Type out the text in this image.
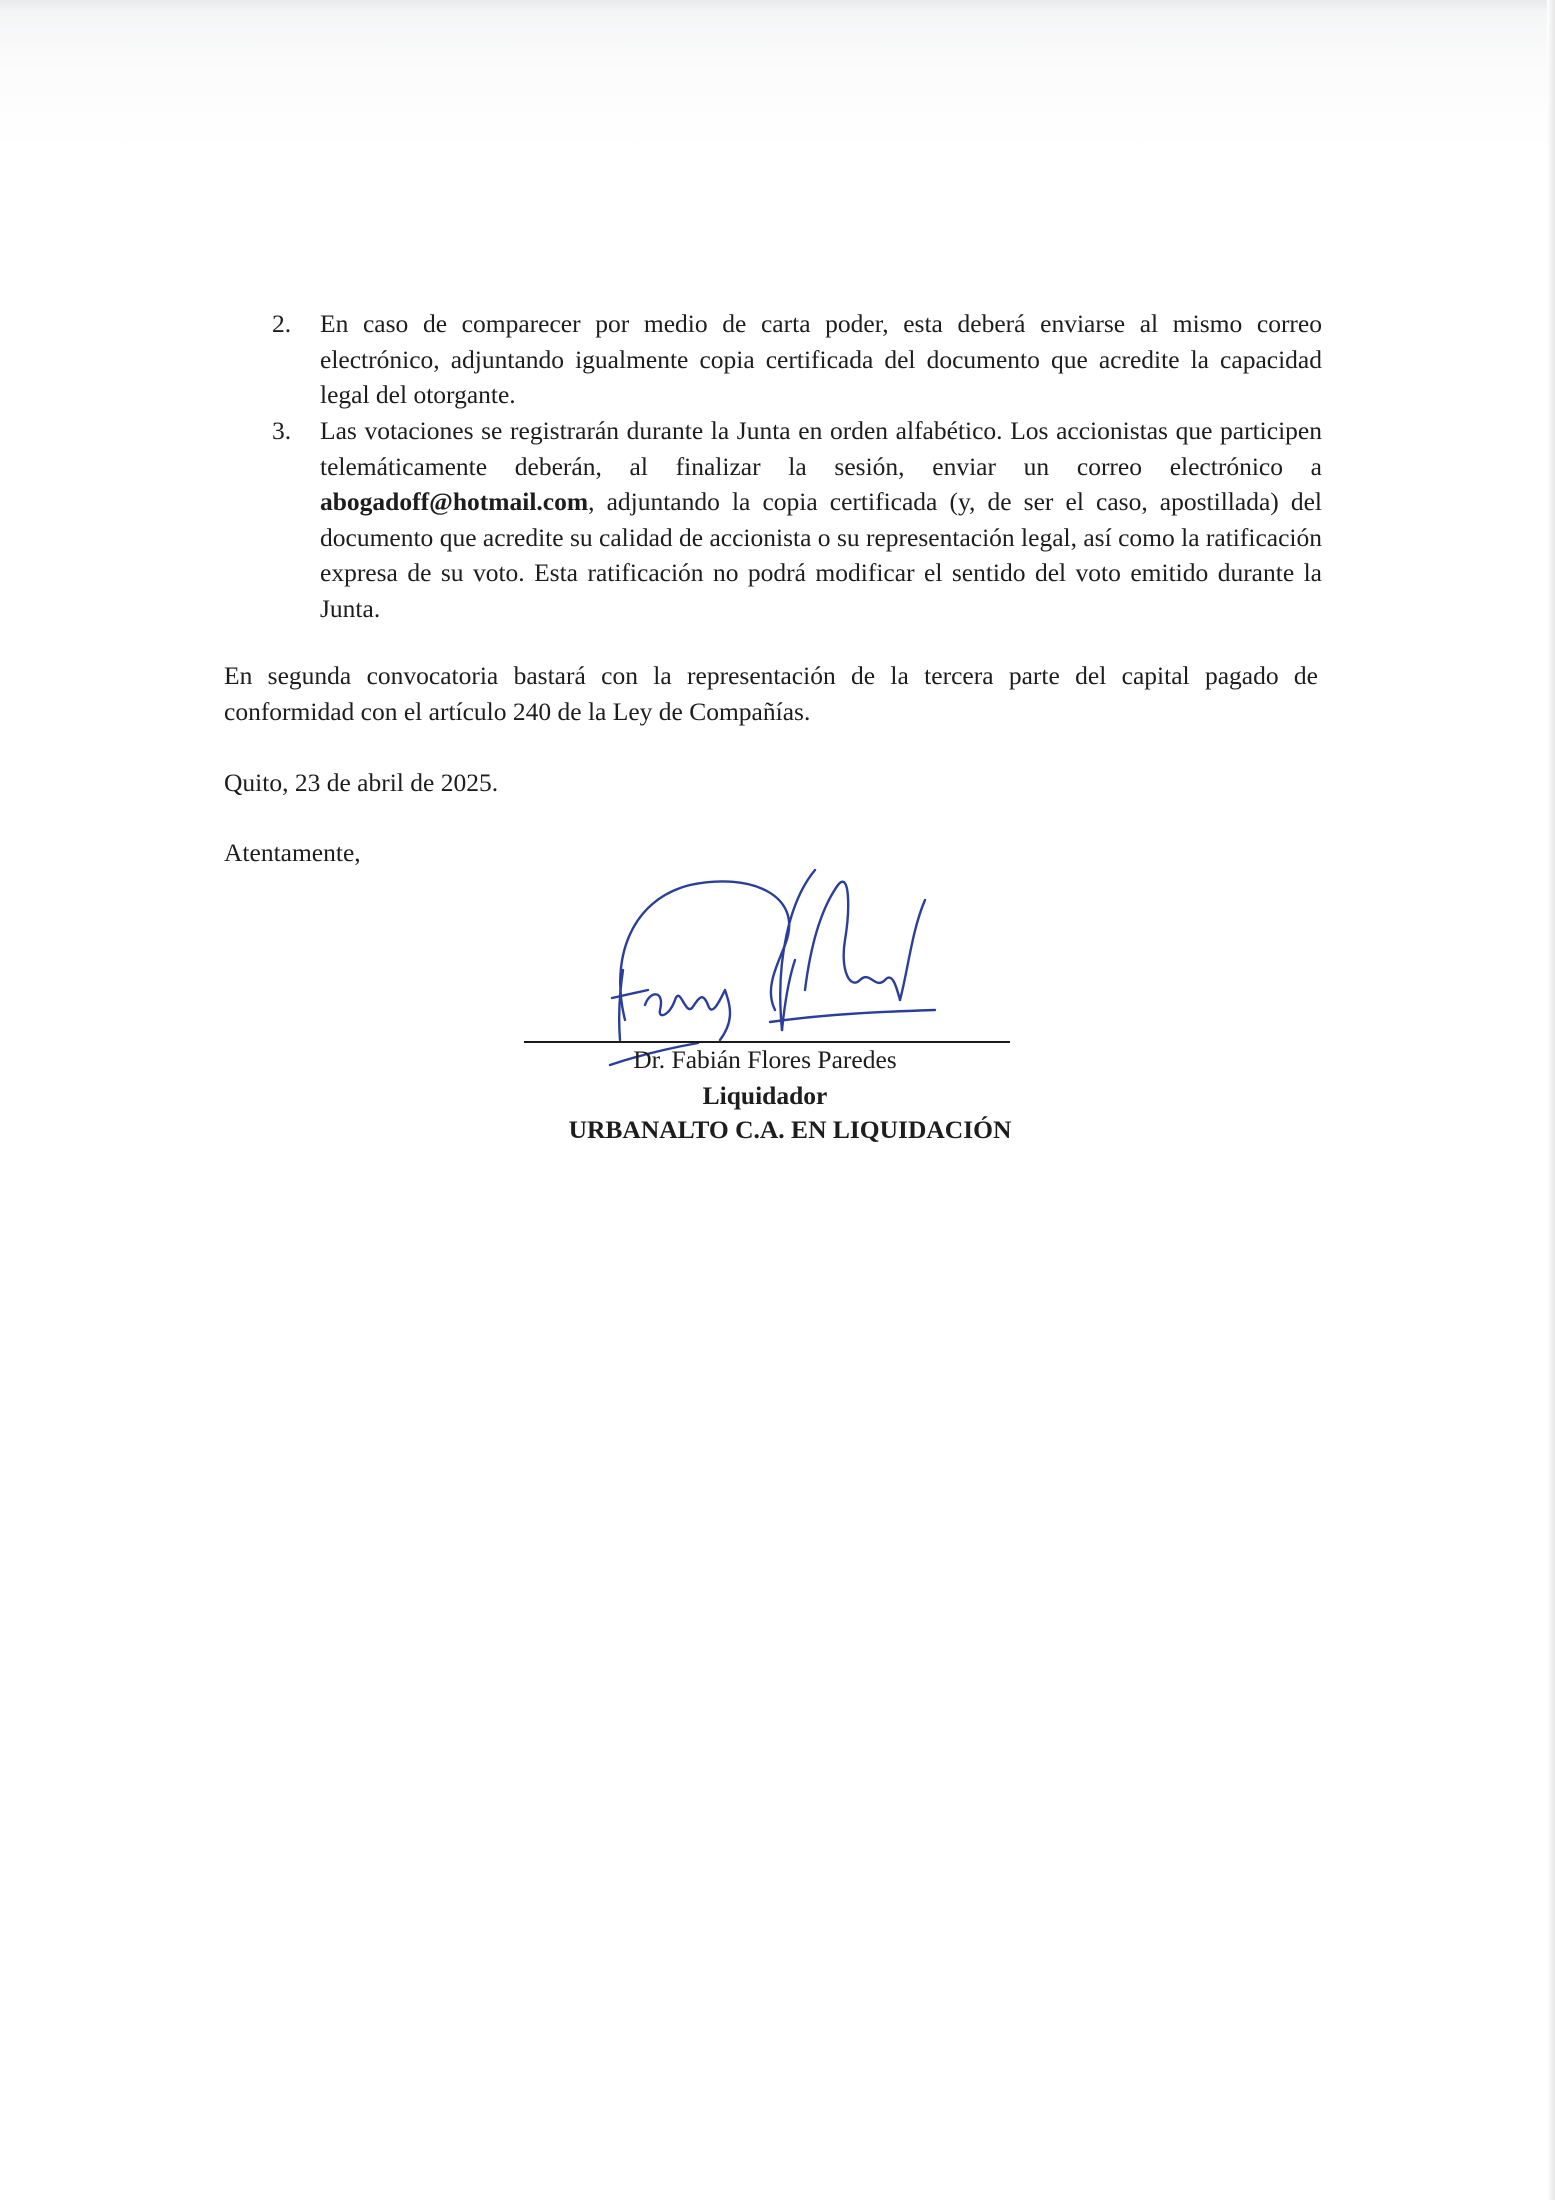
2. En caso de comparecer por medio de carta poder, esta deberá enviarse al mismo correo electrónico, adjuntando igualmente copia certificada del documento que acredite la capacidad legal del otorgante.
3. Las votaciones se registrarán durante la Junta en orden alfabético. Los accionistas que participen telemáticamente deberán, al finalizar la sesión, enviar un correo electrónico a abogadoff@hotmail.com, adjuntando la copia certificada (y, de ser el caso, apostillada) del documento que acredite su calidad de accionista o su representación legal, así como la ratificación expresa de su voto. Esta ratificación no podrá modificar el sentido del voto emitido durante la Junta.
En segunda convocatoria bastará con la representación de la tercera parte del capital pagado de conformidad con el artículo 240 de la Ley de Compañías.
Quito, 23 de abril de 2025.
Atentamente,
Dr. Fabián Flores Paredes
Liquidador
URBANALTO C.A. EN LIQUIDACIÓN
